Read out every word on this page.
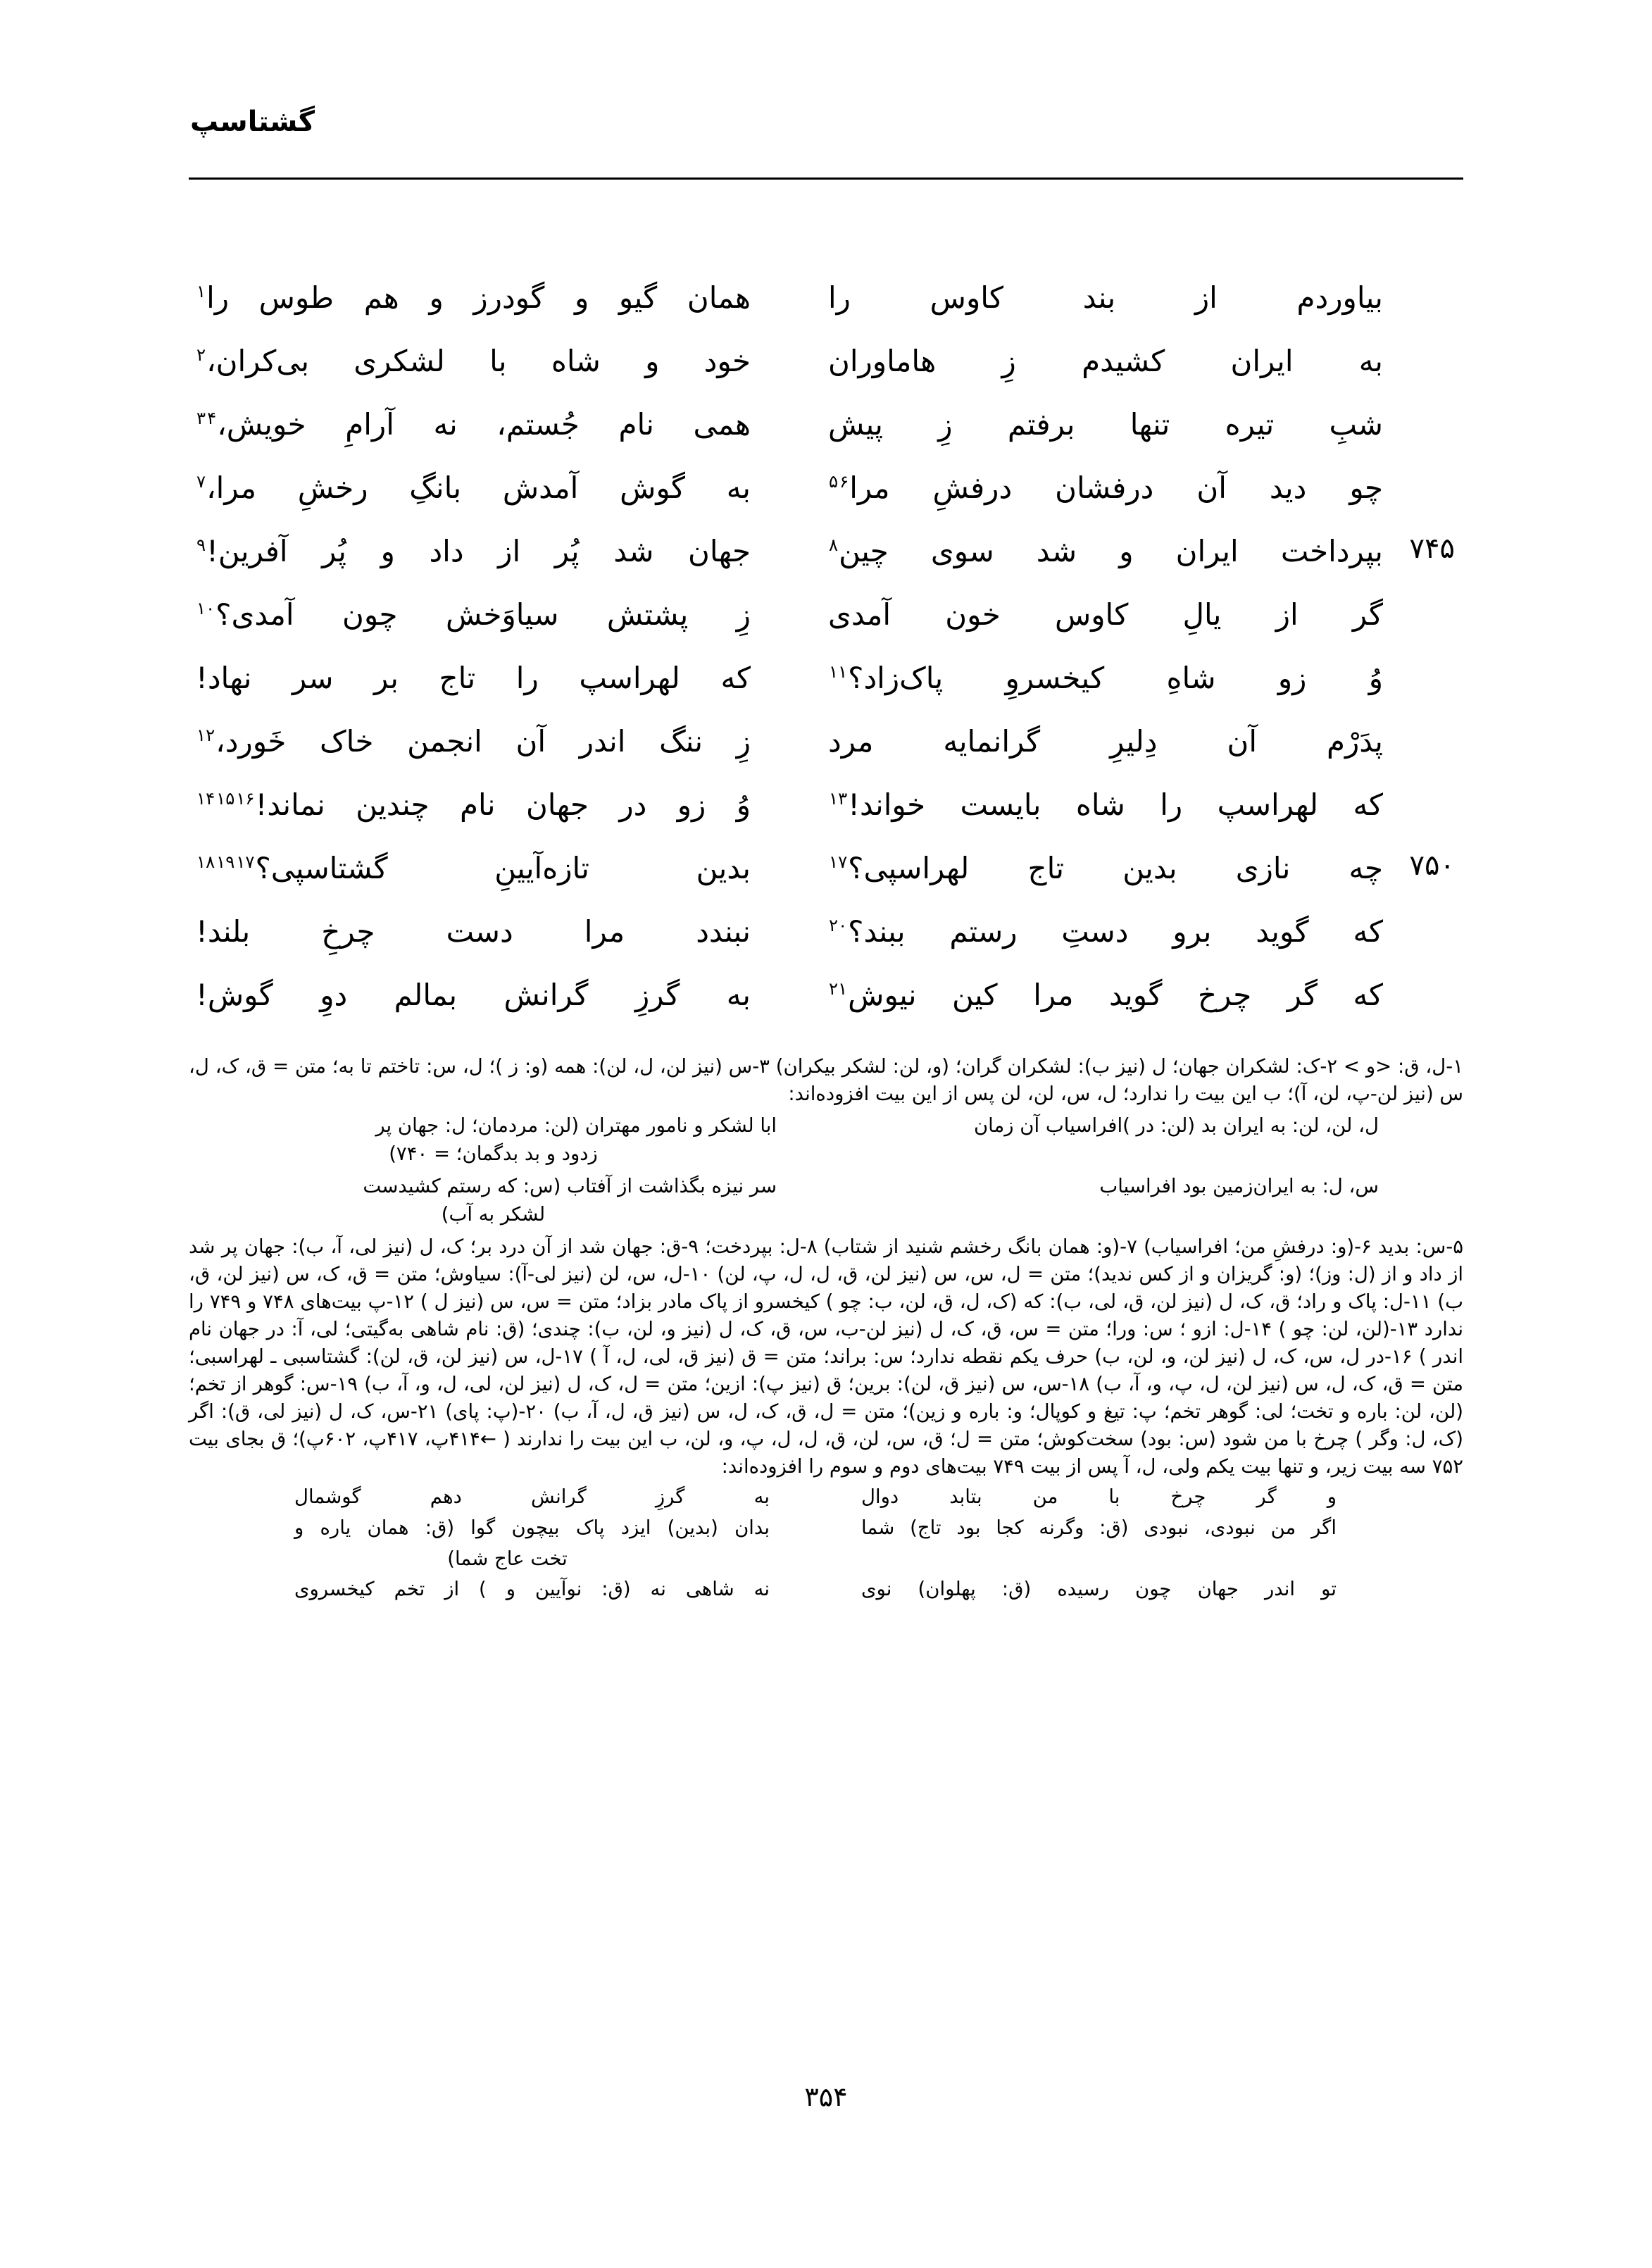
گشتاسپ
بیاوردم از بند کاوس را
همان گیو و گودرز و هم طوس را$^۱$
به ایران کشیدم زِ هاماوران
خود و شاه با لشکری بی‌کران،$^۲$
شبِ تیره تنها برفتم زِ پیش
همی نام جُستم، نه آرامِ خویش،$^{۳۴}$
چو دید آن درفشان درفشِ مرا$^{۵۶}$
به گوش آمدش بانگِ رخشِ مرا،$^۷$
۷۴۵
بپرداخت ایران و شد سوی چین$^۸$
جهان شد پُر از داد و پُر آفرین!$^۹$
گر از یالِ کاوس خون آمدی
زِ پشتش سیاوَخش چون آمدی؟$^{۱۰}$
وُ زو شاهِ کیخسروِ پاک‌زاد؟$^{۱۱}$
که لهراسپ را تاج بر سر نهاد!
پدَرْم آن دِلیرِ گرانمایه مرد
زِ ننگ اندر آن انجمن خاک خَورد،$^{۱۲}$
که لهراسپ را شاه بایست خواند!$^{۱۳}$
وُ زو در جهان نام چندین نماند!$^{۱۴۱۵۱۶}$
۷۵۰
چه نازی بدین تاج لهراسپی؟$^{۱۷}$
بدین تازه‌آیینِ گشتاسپی؟$^{۱۸۱۹۱۷}$
که گوید برو دستِ رستم ببند؟$^{۲۰}$
نبندد مرا دست چرخِ بلند!
که گر چرخ گوید مرا کین نیوش$^{۲۱}$
به گرزِ گرانش بمالم دوِ گوش!

۱-ل، ق: <و > ۲-ک: لشکران جهان؛ ل (نیز ب): لشکران گران؛ (و، لن: لشکر بیکران) ۳-س (نیز لن، ل، لن): همه (و: ز )؛ ل، س: تاختم تا به؛ متن = ق، ک، ل، س (نیز لن-پ، لن، آ)؛ ب این بیت را ندارد؛ ل، س، لن، لن پس از این بیت افزوده‌اند:

ل، لن، لن: به ایران بد (لن: در )افراسیاب آن زمان
ابا لشکر و نامور مهتران (لن: مردمان؛ ل: جهان پر
زدود و بد بدگمان؛ = ۷۴۰)
س، ل: به ایران‌زمین بود افراسیاب
سر نیزه بگذاشت از آفتاب (س: که رستم کشیدست
لشکر به آب)

۵-س: بدید ۶-(و: درفشِ من؛ افراسیاب) ۷-(و: همان بانگ رخشم شنید از شتاب) ۸-ل: بپردخت؛ ۹-ق: جهان شد از آن درد بر؛ ک، ل (نیز لی، آ، ب): جهان پر شد از داد و از (ل: وز)؛ (و: گریزان و از کس ندید)؛ متن = ل، س، س (نیز لن، ق، ل، ل، پ، لن) ۱۰-ل، س، لن (نیز لی-آ): سیاوش؛ متن = ق، ک، س (نیز لن، ق، ب) ۱۱-ل: پاک و راد؛ ق، ک، ل (نیز لن، ق، لی، ب): که (ک، ل، ق، لن، ب: چو ) کیخسرو از پاک مادر بزاد؛ متن = س، س (نیز ل ) ۱۲-پ بیت‌های ۷۴۸ و ۷۴۹ را ندارد ۱۳-(لن، لن: چو ) ۱۴-ل: ازو ؛ س: ورا؛ متن = س، ق، ک، ل (نیز لن-ب، س، ق، ک، ل (نیز و، لن، ب): چندی؛ (ق: نام شاهی به‌گیتی؛ لی، آ: در جهان نام اندر ) ۱۶-در ل، س، ک، ل (نیز لن، و، لن، ب) حرف یکم نقطه ندارد؛ س: براند؛ متن = ق (نیز ق، لی، ل، آ ) ۱۷-ل، س (نیز لن، ق، لن): گشتاسبی ـ لهراسبی؛ متن = ق، ک، ل، س (نیز لن، ل، پ، و، آ، ب) ۱۸-س، س (نیز ق، لن): برین؛ ق (نیز پ): ازین؛ متن = ل، ک، ل (نیز لن، لی، ل، و، آ، ب) ۱۹-س: گوهر از تخم؛ (لن، لن: باره و تخت؛ لی: گوهر تخم؛ پ: تیغ و کوپال؛ و: باره و زین)؛ متن = ل، ق، ک، ل، س (نیز ق، ل، آ، ب) ۲۰-(پ: پای) ۲۱-س، ک، ل (نیز لی، ق): اگر (ک، ل: وگر ) چرخ با من شود (س: بود) سخت‌کوش؛ متن = ل؛ ق، س، لن، ق، ل، ل، پ، و، لن، ب این بیت را ندارند ( ←۴۱۴پ، ۴۱۷پ، ۶۰۲پ)؛ ق بجای بیت ۷۵۲ سه بیت زیر، و تنها بیت یکم ولی، ل، آ پس از بیت ۷۴۹ بیت‌های دوم و سوم را افزوده‌اند:

و گر چرخ با من بتابد دوال
به گرزِ گرانش دهم گوشمال
اگر من نبودی، نبودی (ق: وگرنه کجا بود تاج) شما
بدان (بدین) ایزد پاک بیچون گوا (ق: همان یاره و
تخت عاج شما)
تو اندر جهان چون رسیده (ق: پهلوان) نوی
نه شاهی نه (ق: نوآیین و ) از تخم کیخسروی
۳۵۴
